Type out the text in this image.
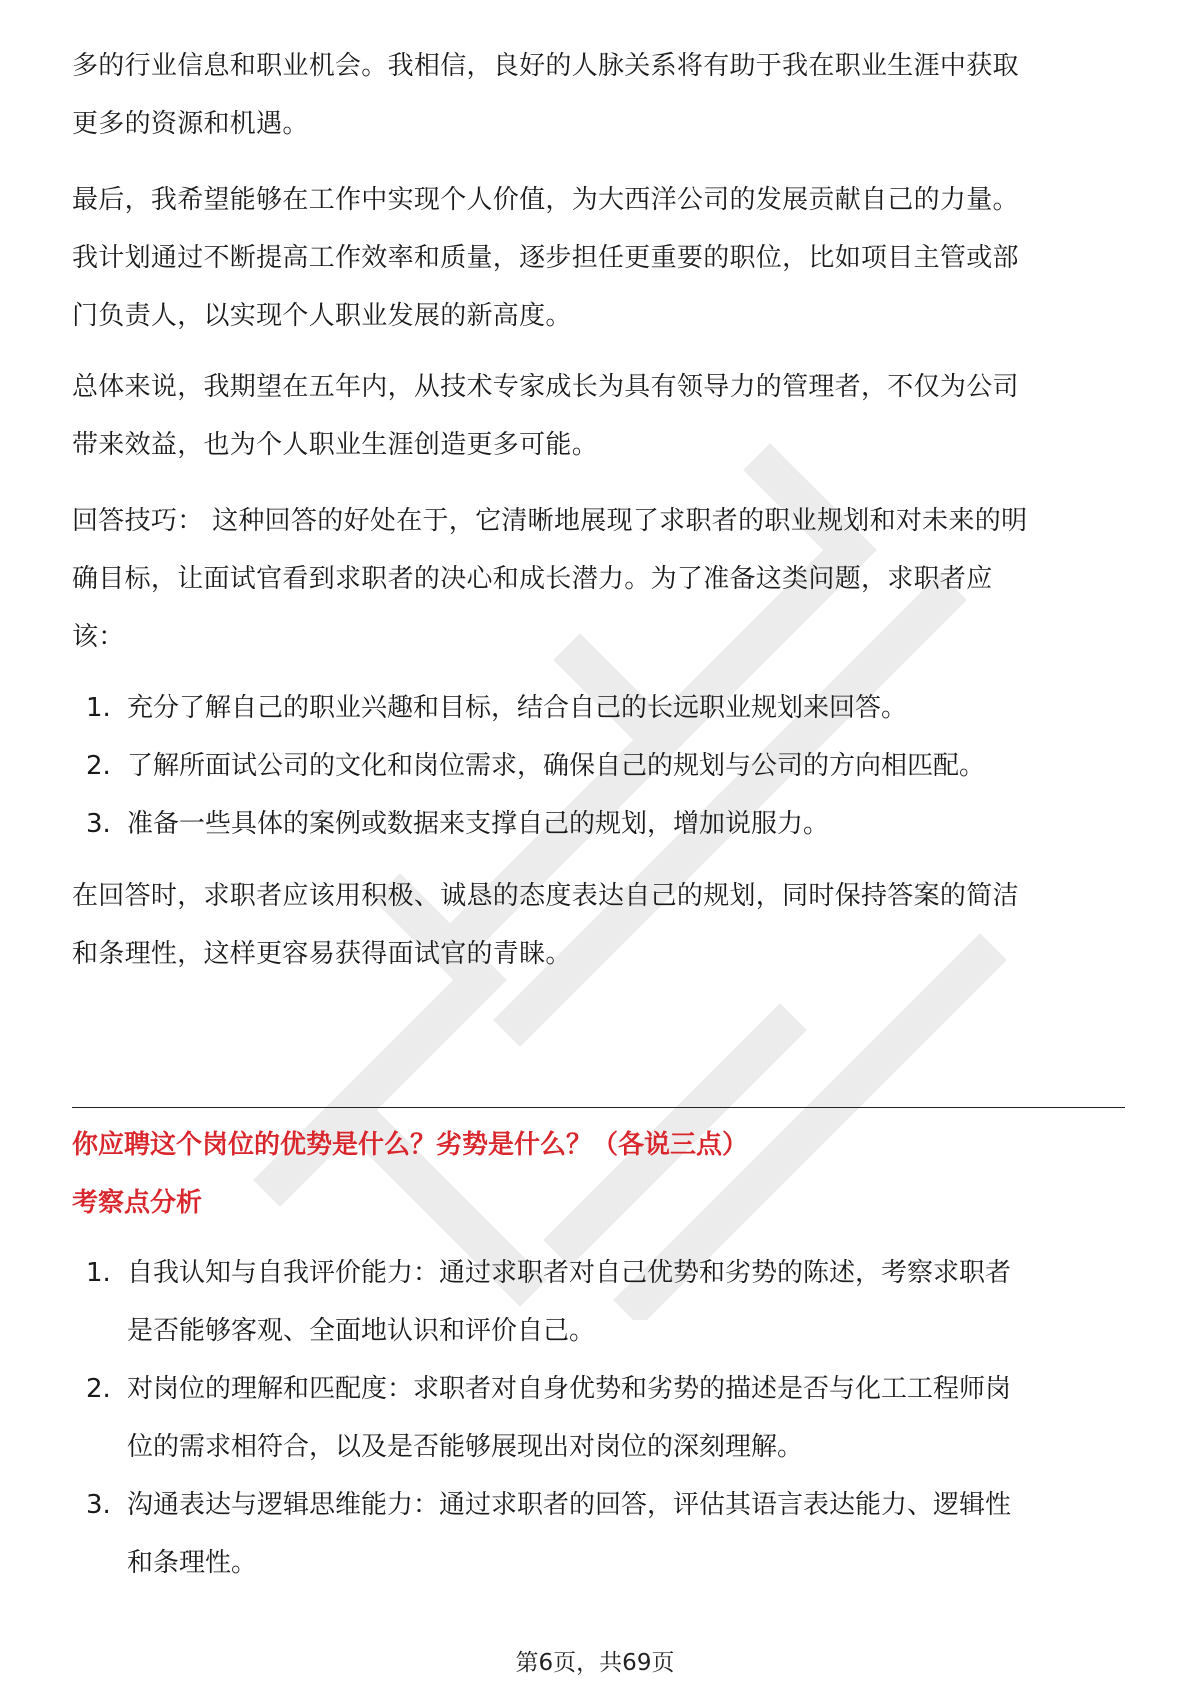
多的行业信息和职业机会。我相信，良好的人脉关系将有助于我在职业生涯中获取
更多的资源和机遇。

最后，我希望能够在工作中实现个人价值，为大西洋公司的发展贡献自己的力量。
我计划通过不断提高工作效率和质量，逐步担任更重要的职位，比如项目主管或部
门负责人，以实现个人职业发展的新高度。

总体来说，我期望在五年内，从技术专家成长为具有领导力的管理者，不仅为公司
带来效益，也为个人职业生涯创造更多可能。

回答技巧： 这种回答的好处在于，它清晰地展现了求职者的职业规划和对未来的明
确目标，让面试官看到求职者的决心和成长潜力。为了准备这类问题，求职者应
该：

1. 充分了解自己的职业兴趣和目标，结合自己的长远职业规划来回答。
2. 了解所面试公司的文化和岗位需求，确保自己的规划与公司的方向相匹配。
3. 准备一些具体的案例或数据来支撑自己的规划，增加说服力。

在回答时，求职者应该用积极、诚恳的态度表达自己的规划，同时保持答案的简洁
和条理性，这样更容易获得面试官的青睐。

你应聘这个岗位的优势是什么？劣势是什么？（各说三点）

考察点分析

1. 自我认知与自我评价能力：通过求职者对自己优势和劣势的陈述，考察求职者
是否能够客观、全面地认识和评价自己。
2. 对岗位的理解和匹配度：求职者对自身优势和劣势的描述是否与化工工程师岗
位的需求相符合，以及是否能够展现出对岗位的深刻理解。
3. 沟通表达与逻辑思维能力：通过求职者的回答，评估其语言表达能力、逻辑性
和条理性。
第6页，共69页
